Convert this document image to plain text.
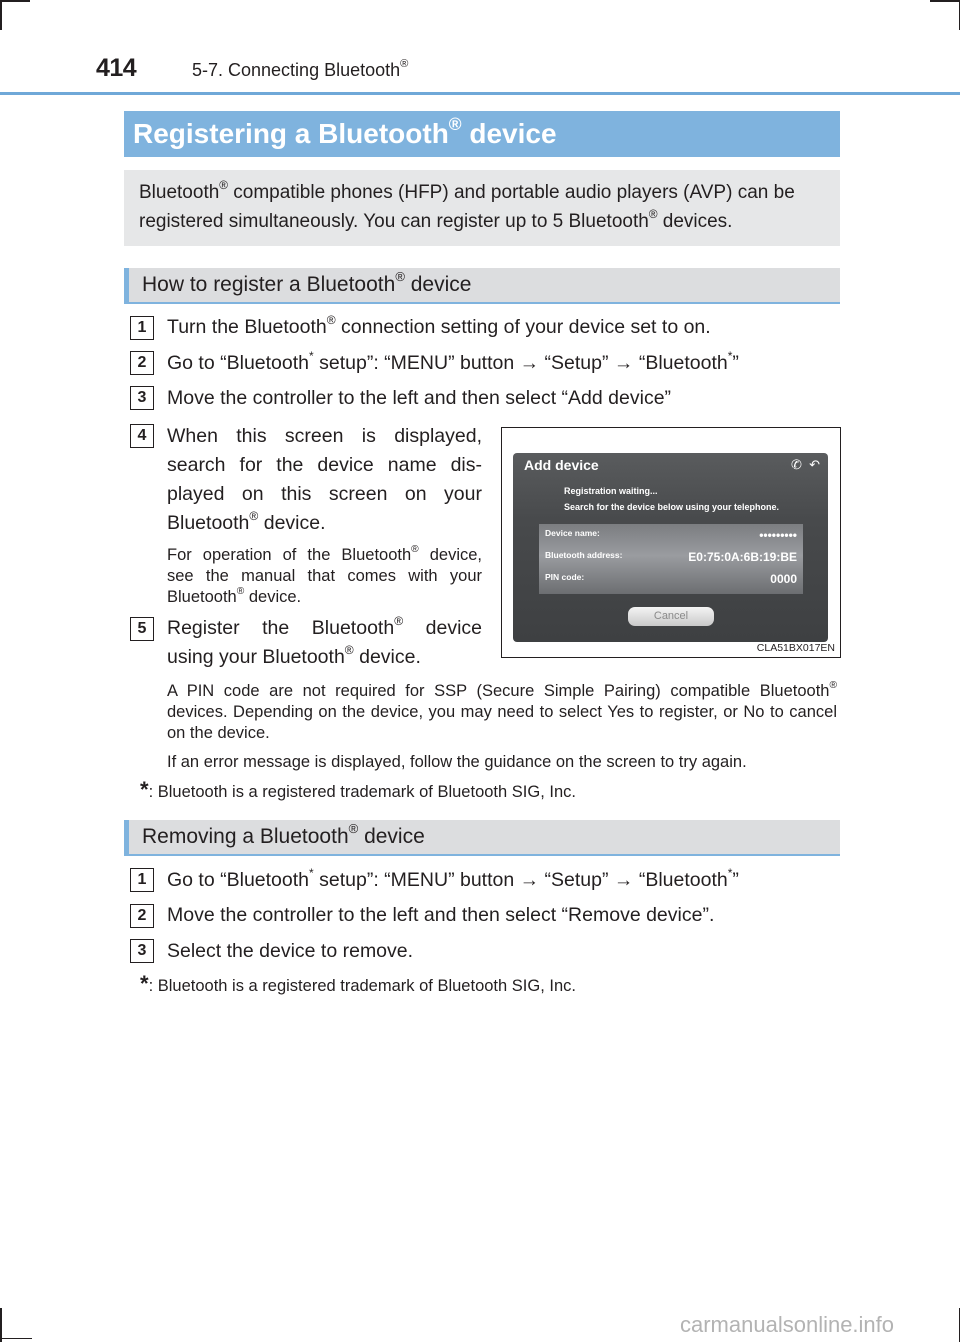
414	5-7. Connecting Bluetooth®
Registering a Bluetooth® device
Bluetooth® compatible phones (HFP) and portable audio players (AVP) can be registered simultaneously. You can register up to 5 Bluetooth® devices.
How to register a Bluetooth® device
1	Turn the Bluetooth® connection setting of your device set to on.
2	Go to “Bluetooth* setup”: “MENU” button → “Setup” → “Bluetooth*”
3	Move the controller to the left and then select “Add device”
4	When this screen is displayed,
search for the device name dis-
played on this screen on your
Bluetooth® device.
For operation of the Bluetooth® device,
see the manual that comes with your
Bluetooth® device.
Add device	✆ ↶
Registration waiting...
Search for the device below using your telephone.
Device name:	•••••••••
Bluetooth address:	E0:75:0A:6B:19:BE
PIN code:	0000
Cancel
CLA51BX017EN
5	Register the Bluetooth® device
using your Bluetooth® device.
A PIN code are not required for SSP (Secure Simple Pairing) compatible Bluetooth® devices. Depending on the device, you may need to select Yes to register, or No to cancel on the device.
If an error message is displayed, follow the guidance on the screen to try again.
*: Bluetooth is a registered trademark of Bluetooth SIG, Inc.
Removing a Bluetooth® device
1	Go to “Bluetooth* setup”: “MENU” button → “Setup” → “Bluetooth*”
2	Move the controller to the left and then select “Remove device”.
3	Select the device to remove.
*: Bluetooth is a registered trademark of Bluetooth SIG, Inc.
carmanualsonline.info
